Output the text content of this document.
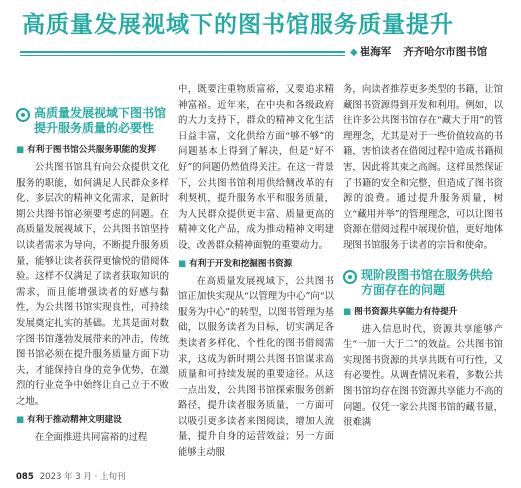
高质量发展视域下的图书馆服务质量提升
◆ 崔海军 齐齐哈尔市图书馆
高质量发展视域下图书馆提升服务质量的必要性
■ 有利于图书馆公共服务职能的发挥

公共图书馆具有向公众提供文化服务的职能，如何满足人民群众多样化、多层次的精神文化需求，是新时期公共图书馆必须要考虑的问题。在高质量发展视域下，公共图书馆坚持以读者需求为导向，不断提升服务质量，能够让读者获得更愉悦的借阅体验。这样不仅满足了读者获取知识的需求，而且能增强读者的好感与黏性，为公共图书馆实现良性，可持续发展奠定扎实的基础。尤其是面对数字图书馆蓬勃发展带来的冲击，传统图书馆必须在提升服务质量方面下功夫，才能保持自身的竞争优势，在激烈的行业竞争中始终让自己立于不败之地。

■ 有利于推动精神文明建设

在全面推进共同富裕的过程

中，既要注重物质富裕，又要追求精神富裕。近年来，在中央和各级政府的大力支持下，群众的精神文化生活日益丰富，文化供给方面“够不够”的问题基本上得到了解决，但是“好不好”的问题仍然值得关注。在这一背景下，公共图书馆利用供给侧改革的有利契机，提升服务水平和服务质量，为人民群众提供更丰富、质量更高的精神文化产品，成为推动精神文明建设，改善群众精神面貌的重要动力。

■ 有利于开发和挖掘图书资源

在高质量发展视域下，公共图书馆正加快实现从“以管理为中心”向“以服务为中心”的转型，以图书管理为基础，以服务读者为目标，切实满足各类读者多样化、个性化的图书借阅需求，这成为新时期公共图书馆谋求高质量和可持续发展的重要途径。从这一点出发，公共图书馆探索服务创新路径，提升读者服务质量，一方面可以吸引更多读者来图阅读，增加人流量，提升自身的运营效益；另一方面能够主动服

务，向读者推荐更多类型的书籍，让馆藏图书资源得到开发和利用。例如，以往许多公共图书馆存在“藏大于用”的管理理念，尤其是对于一些价值较高的书籍，害怕读者在借阅过程中造成书籍损害，因此将其束之高阁。这样虽然保证了书籍的安全和完整，但造成了图书资源的浪费。通过提升服务质量，树立“藏用并举”的管理理念，可以让图书资源在借阅过程中展现价值，更好地体现图书馆服务于读者的宗旨和使命。

现阶段图书馆在服务供给方面存在的问题
■ 图书资源共享能力有待提升

进入信息时代，资源共享能够产生“一加一大于二”的效益。公共图书馆实现图书资源的共享共既有可行性，又有必要性。从调查情况来看，多数公共图书馆均存在图书资源共享能力不高的问题。仅凭一家公共图书馆的藏书量，很难满

085 2023 年 3 月 · 上旬刊
